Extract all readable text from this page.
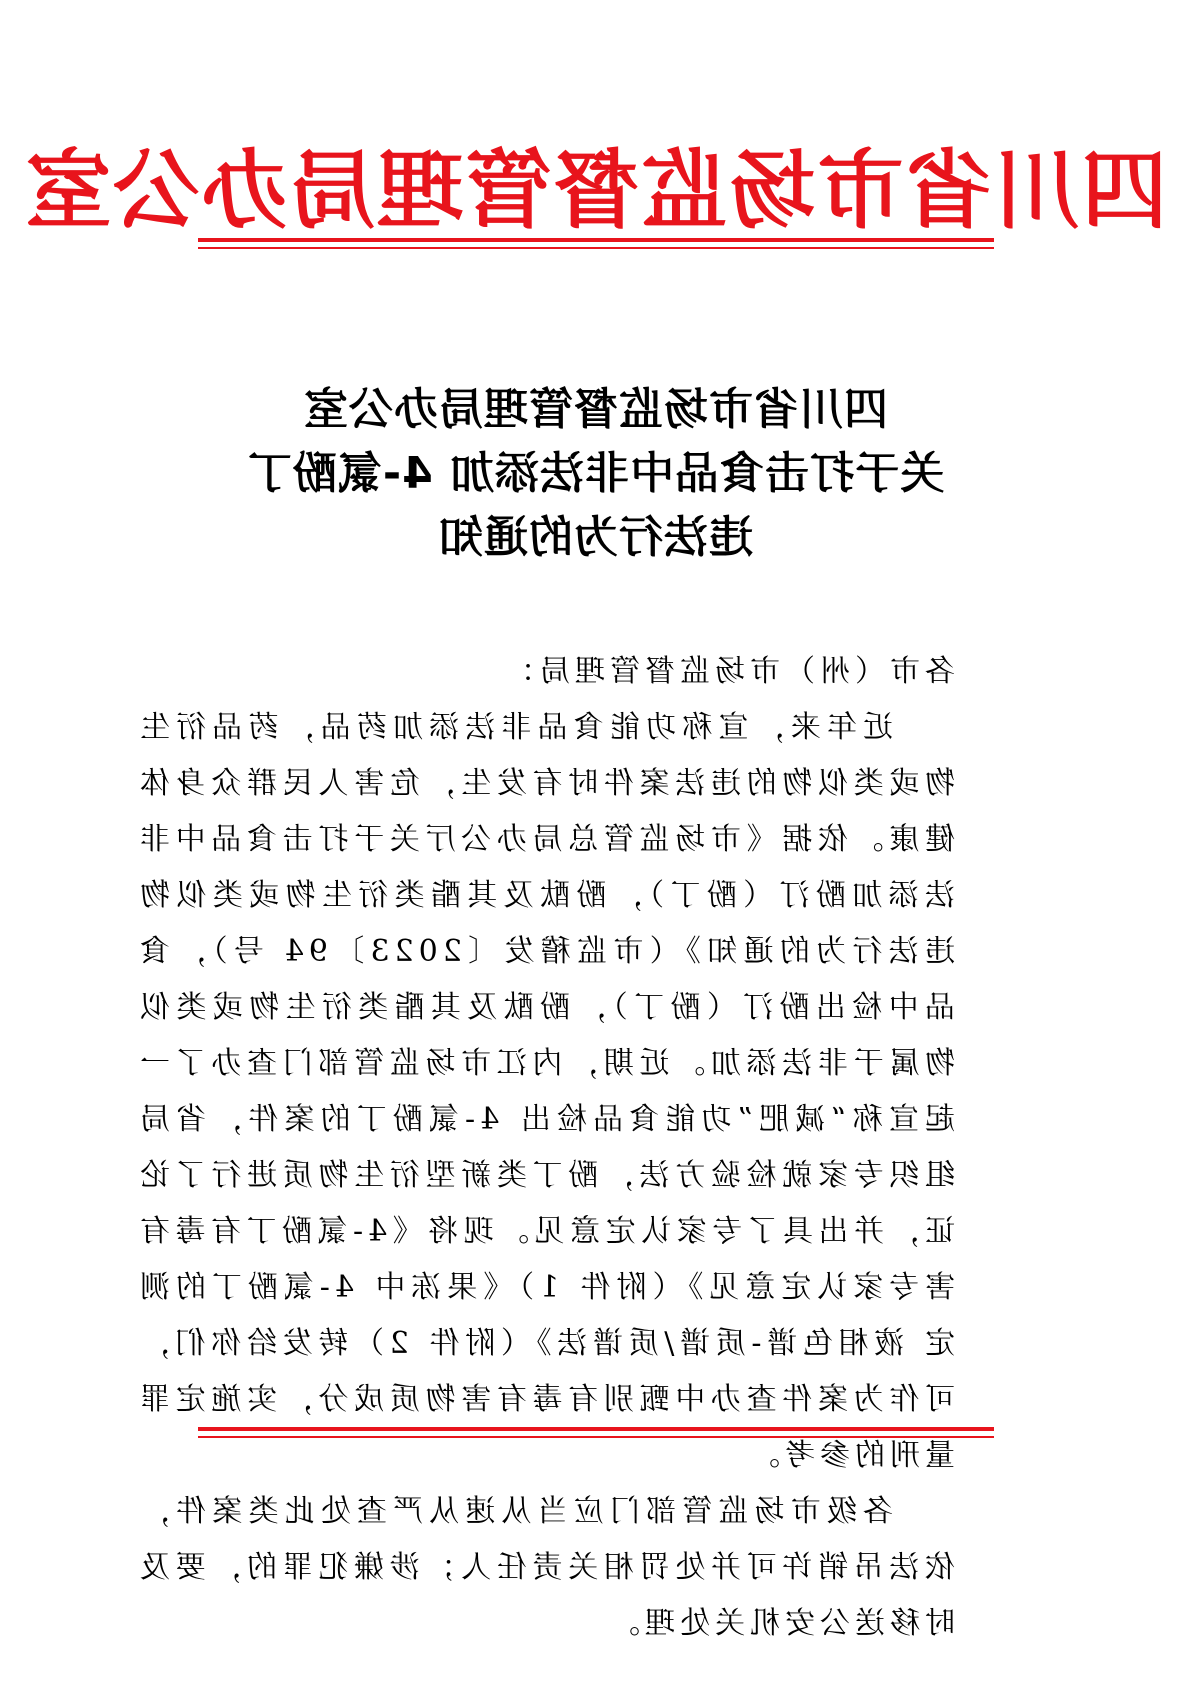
四川省市场监督管理局办公室
四川省市场监督管理局办公室
关于打击食品中非法添加 4-氯酚丁
违法行为的通知

各市（州）市场监督管理局：

近年来，宣称功能食品非法添加药品，药品衍生物或类似物的违法案件时有发生，危害人民群众身体健康。依据《市场监管总局办公厅关于打击食品中非法添加酚汀（酚丁），酚酞及其酯类衍生物或类似物违法行为的通知》（市监稽发〔2023〕94 号），食品中检出酚汀（酚丁），酚酞及其酯类衍生物或类似物属于非法添加。近期，内江市场监管部门查办了一起宣称“减肥”功能食品检出 4-氯酚丁的案件，省局组织专家就检验方法，酚丁类新型衍生物质进行了论证，并出具了专家认定意见。现将《4-氯酚丁有毒有害专家认定意见》（附件 1）《果冻中 4-氯酚丁的测定 液相色谱-质谱/质谱法》（附件 2）转发给你们，可作为案件查办中甄别有毒有害物质成分，实施定罪量刑的参考。

各级市场监管部门应当从速从严查处此类案件，依法吊销许可并处罚相关责任人；涉嫌犯罪的，要及时移送公安机关处理。
